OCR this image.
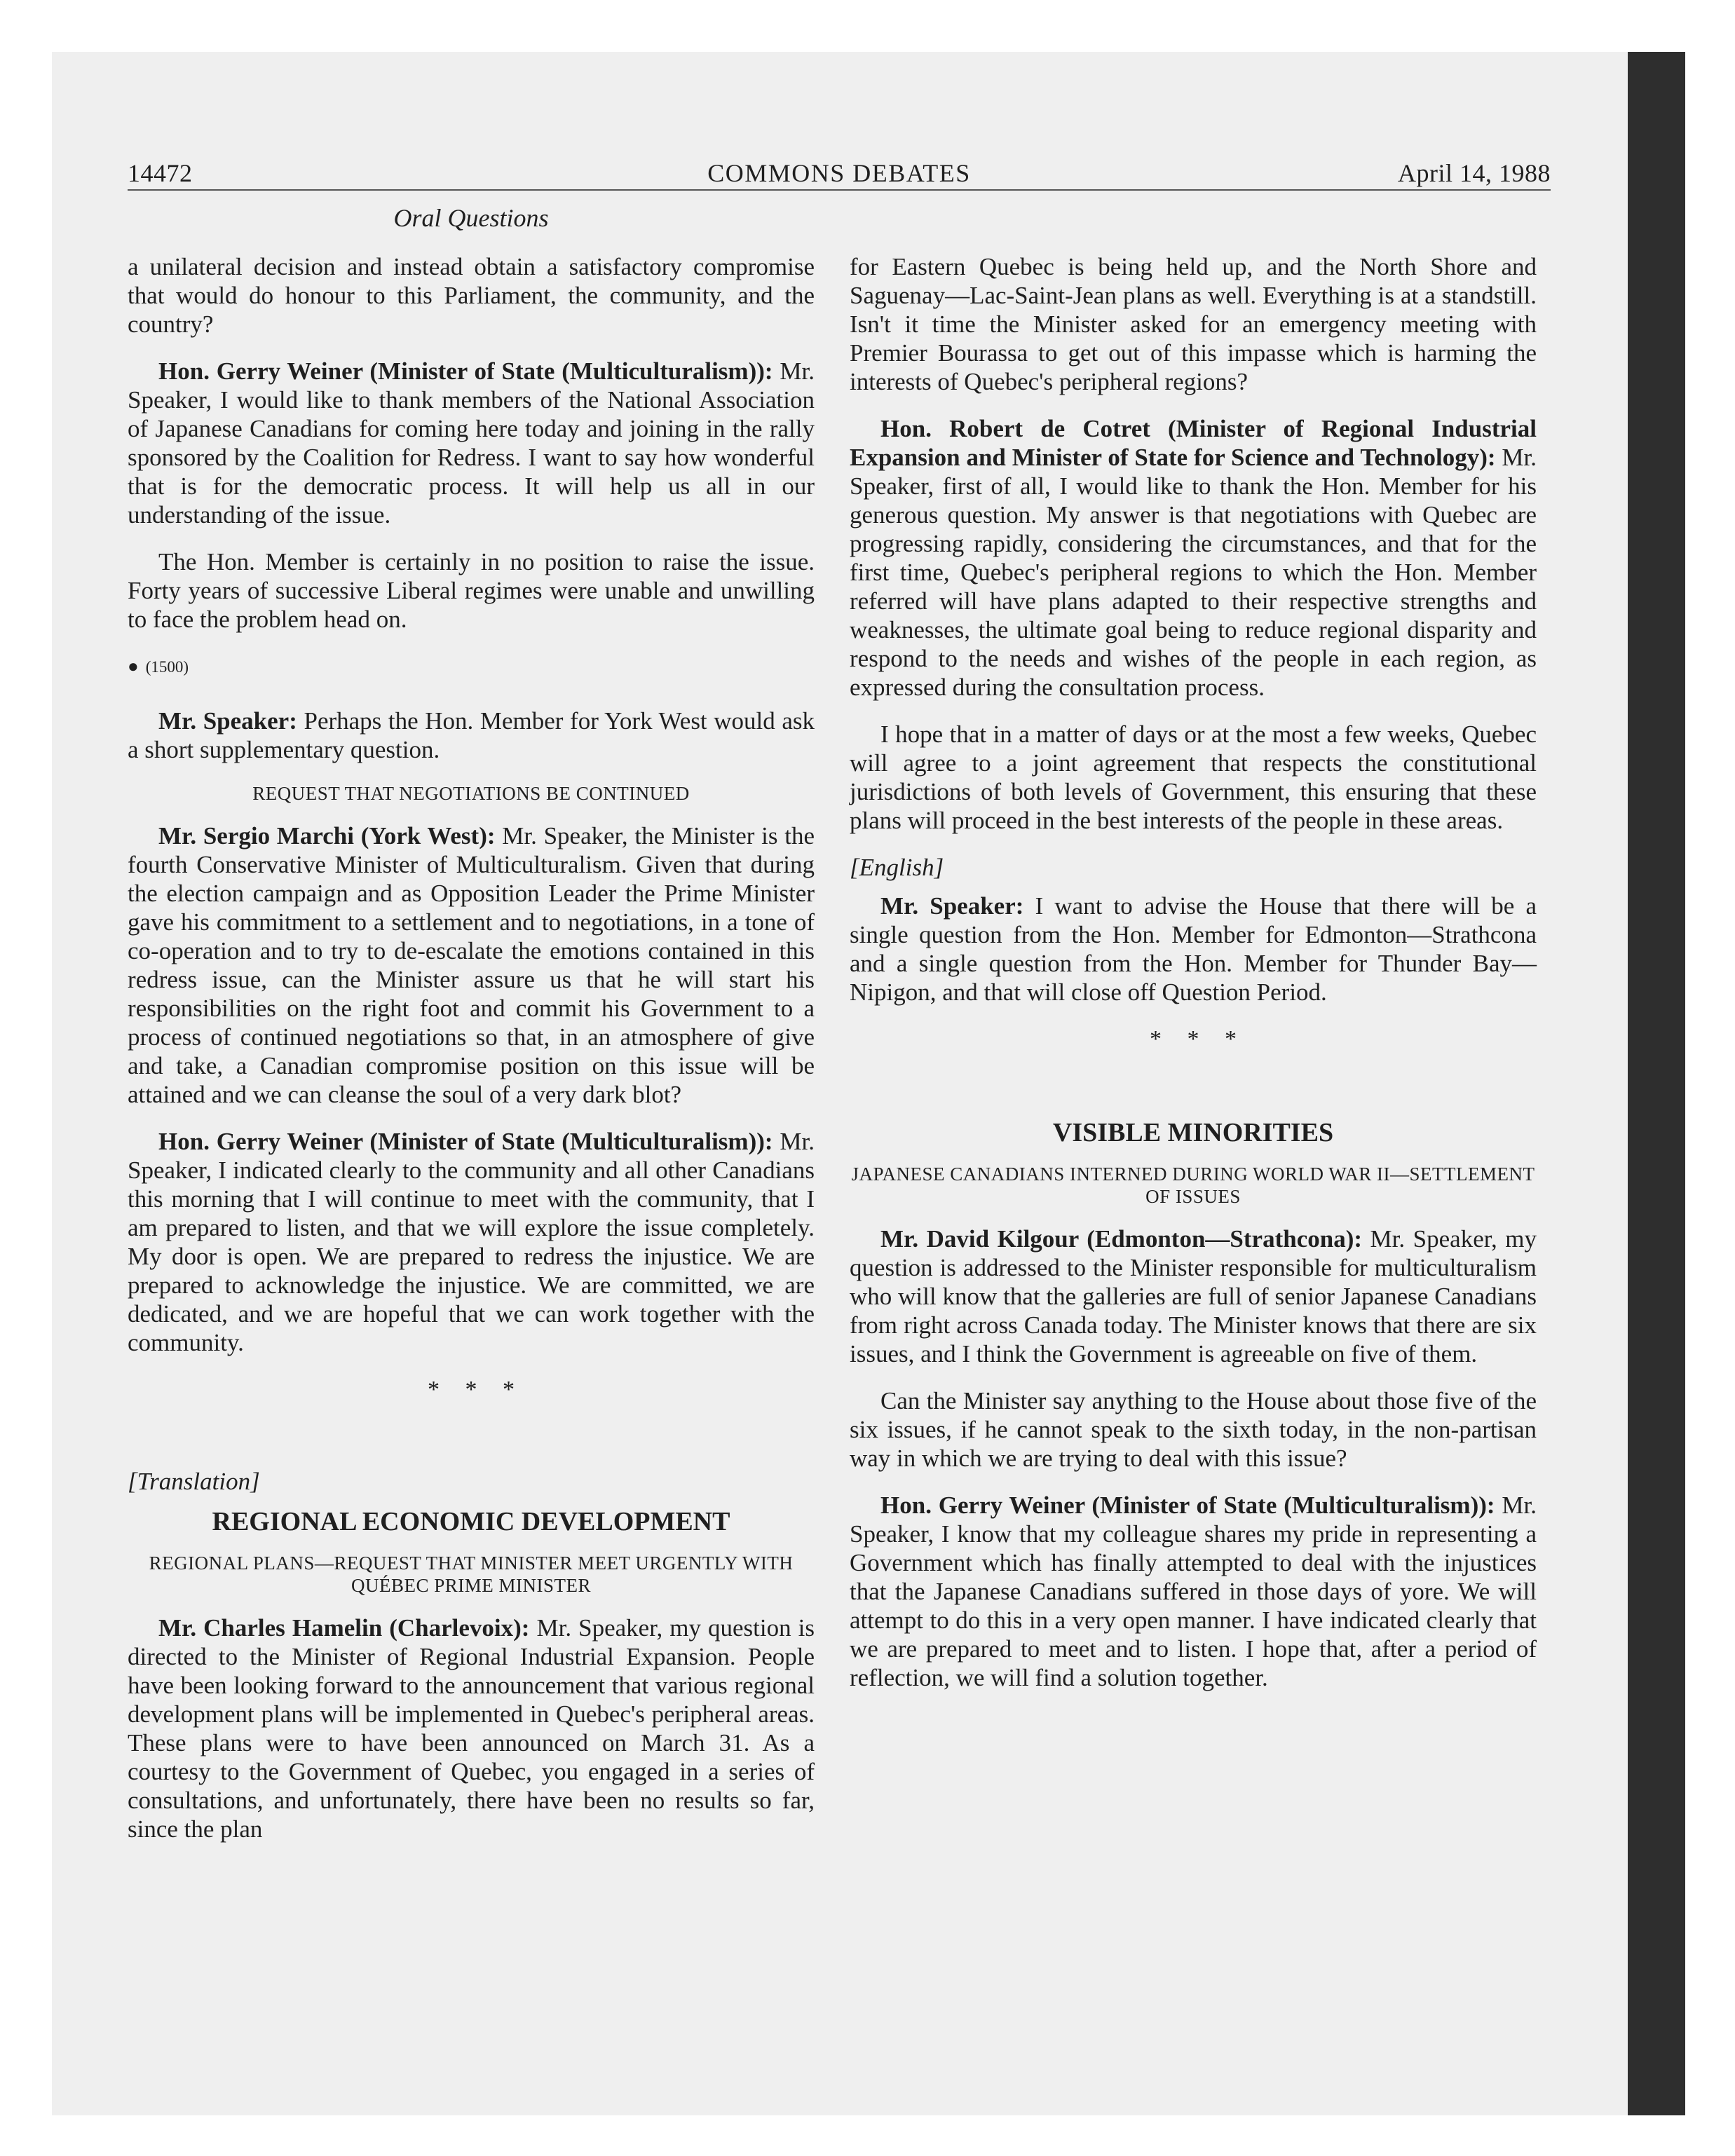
14472	COMMONS DEBATES	April 14, 1988
Oral Questions

a unilateral decision and instead obtain a satisfactory compromise that would do honour to this Parliament, the community, and the country?

Hon. Gerry Weiner (Minister of State (Multiculturalism)): Mr. Speaker, I would like to thank members of the National Association of Japanese Canadians for coming here today and joining in the rally sponsored by the Coalition for Redress. I want to say how wonderful that is for the democratic process. It will help us all in our understanding of the issue.

The Hon. Member is certainly in no position to raise the issue. Forty years of successive Liberal regimes were unable and unwilling to face the problem head on.

● (1500)

Mr. Speaker: Perhaps the Hon. Member for York West would ask a short supplementary question.

REQUEST THAT NEGOTIATIONS BE CONTINUED

Mr. Sergio Marchi (York West): Mr. Speaker, the Minister is the fourth Conservative Minister of Multiculturalism. Given that during the election campaign and as Opposition Leader the Prime Minister gave his commitment to a settlement and to negotiations, in a tone of co-operation and to try to de-escalate the emotions contained in this redress issue, can the Minister assure us that he will start his responsibilities on the right foot and commit his Government to a process of continued negotiations so that, in an atmosphere of give and take, a Canadian compromise position on this issue will be attained and we can cleanse the soul of a very dark blot?

Hon. Gerry Weiner (Minister of State (Multiculturalism)): Mr. Speaker, I indicated clearly to the community and all other Canadians this morning that I will continue to meet with the community, that I am prepared to listen, and that we will explore the issue completely. My door is open. We are prepared to redress the injustice. We are prepared to acknowledge the injustice. We are committed, we are dedicated, and we are hopeful that we can work together with the community.

* * *

[Translation]

REGIONAL ECONOMIC DEVELOPMENT

REGIONAL PLANS—REQUEST THAT MINISTER MEET URGENTLY WITH QUÉBEC PRIME MINISTER

Mr. Charles Hamelin (Charlevoix): Mr. Speaker, my question is directed to the Minister of Regional Industrial Expansion. People have been looking forward to the announcement that various regional development plans will be implemented in Quebec's peripheral areas. These plans were to have been announced on March 31. As a courtesy to the Government of Quebec, you engaged in a series of consultations, and unfortunately, there have been no results so far, since the plan

for Eastern Quebec is being held up, and the North Shore and Saguenay—Lac-Saint-Jean plans as well. Everything is at a standstill. Isn't it time the Minister asked for an emergency meeting with Premier Bourassa to get out of this impasse which is harming the interests of Quebec's peripheral regions?

Hon. Robert de Cotret (Minister of Regional Industrial Expansion and Minister of State for Science and Technology): Mr. Speaker, first of all, I would like to thank the Hon. Member for his generous question. My answer is that negotiations with Quebec are progressing rapidly, considering the circumstances, and that for the first time, Quebec's peripheral regions to which the Hon. Member referred will have plans adapted to their respective strengths and weaknesses, the ultimate goal being to reduce regional disparity and respond to the needs and wishes of the people in each region, as expressed during the consultation process.

I hope that in a matter of days or at the most a few weeks, Quebec will agree to a joint agreement that respects the constitutional jurisdictions of both levels of Government, this ensuring that these plans will proceed in the best interests of the people in these areas.

[English]

Mr. Speaker: I want to advise the House that there will be a single question from the Hon. Member for Edmonton—Strathcona and a single question from the Hon. Member for Thunder Bay—Nipigon, and that will close off Question Period.

* * *

VISIBLE MINORITIES

JAPANESE CANADIANS INTERNED DURING WORLD WAR II—SETTLEMENT OF ISSUES

Mr. David Kilgour (Edmonton—Strathcona): Mr. Speaker, my question is addressed to the Minister responsible for multiculturalism who will know that the galleries are full of senior Japanese Canadians from right across Canada today. The Minister knows that there are six issues, and I think the Government is agreeable on five of them.

Can the Minister say anything to the House about those five of the six issues, if he cannot speak to the sixth today, in the non-partisan way in which we are trying to deal with this issue?

Hon. Gerry Weiner (Minister of State (Multiculturalism)): Mr. Speaker, I know that my colleague shares my pride in representing a Government which has finally attempted to deal with the injustices that the Japanese Canadians suffered in those days of yore. We will attempt to do this in a very open manner. I have indicated clearly that we are prepared to meet and to listen. I hope that, after a period of reflection, we will find a solution together.
